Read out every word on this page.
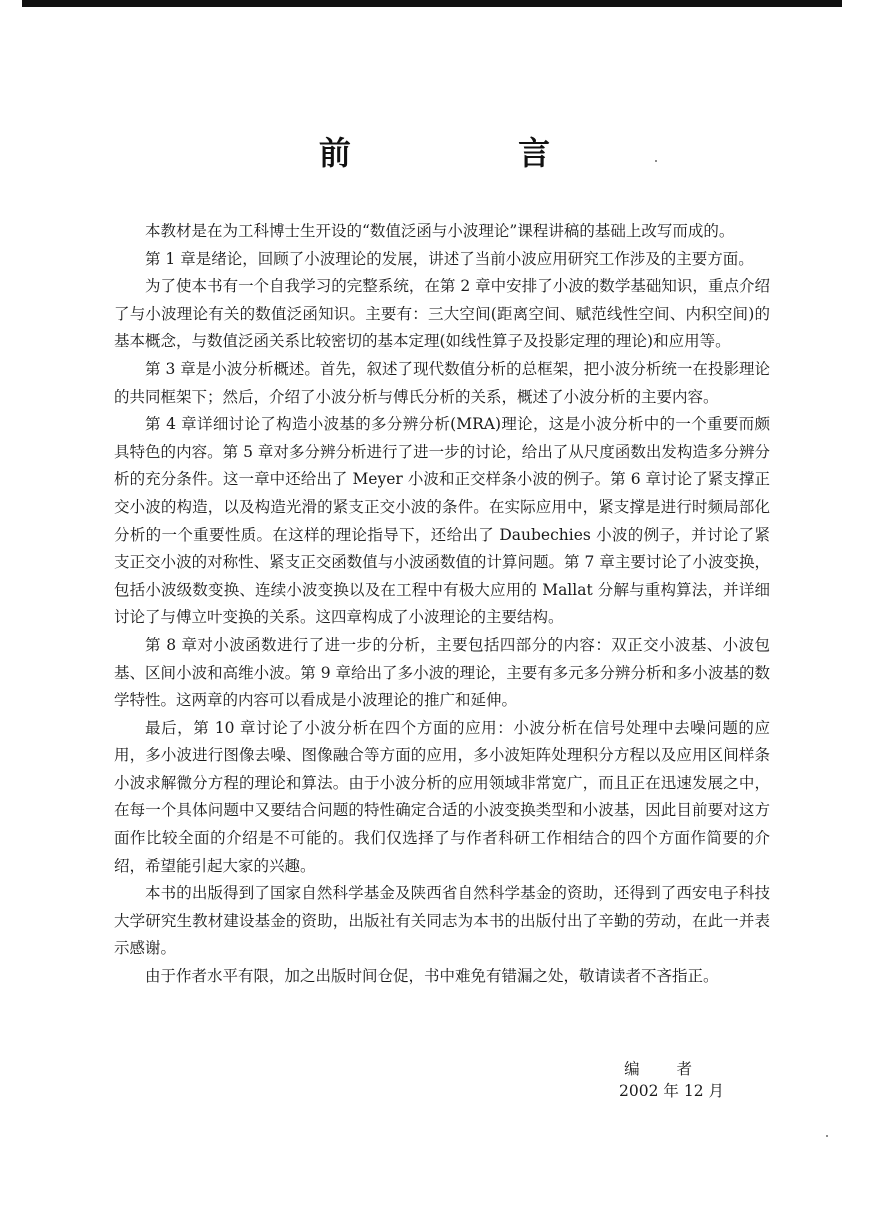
前 言

本教材是在为工科博士生开设的“数值泛函与小波理论”课程讲稿的基础上改写而成的。

第 1 章是绪论，回顾了小波理论的发展，讲述了当前小波应用研究工作涉及的主要方面。

为了使本书有一个自我学习的完整系统，在第 2 章中安排了小波的数学基础知识，重点介绍了与小波理论有关的数值泛函知识。主要有：三大空间(距离空间、赋范线性空间、内积空间)的基本概念，与数值泛函关系比较密切的基本定理(如线性算子及投影定理的理论)和应用等。

第 3 章是小波分析概述。首先，叙述了现代数值分析的总框架，把小波分析统一在投影理论的共同框架下；然后，介绍了小波分析与傅氏分析的关系，概述了小波分析的主要内容。

第 4 章详细讨论了构造小波基的多分辨分析(MRA)理论，这是小波分析中的一个重要而颇具特色的内容。第 5 章对多分辨分析进行了进一步的讨论，给出了从尺度函数出发构造多分辨分析的充分条件。这一章中还给出了 Meyer 小波和正交样条小波的例子。第 6 章讨论了紧支撑正交小波的构造，以及构造光滑的紧支正交小波的条件。在实际应用中，紧支撑是进行时频局部化分析的一个重要性质。在这样的理论指导下，还给出了 Daubechies 小波的例子，并讨论了紧支正交小波的对称性、紧支正交函数值与小波函数值的计算问题。第 7 章主要讨论了小波变换，包括小波级数变换、连续小波变换以及在工程中有极大应用的 Mallat 分解与重构算法，并详细讨论了与傅立叶变换的关系。这四章构成了小波理论的主要结构。

第 8 章对小波函数进行了进一步的分析，主要包括四部分的内容：双正交小波基、小波包基、区间小波和高维小波。第 9 章给出了多小波的理论，主要有多元多分辨分析和多小波基的数学特性。这两章的内容可以看成是小波理论的推广和延伸。

最后，第 10 章讨论了小波分析在四个方面的应用：小波分析在信号处理中去噪问题的应用，多小波进行图像去噪、图像融合等方面的应用，多小波矩阵处理积分方程以及应用区间样条小波求解微分方程的理论和算法。由于小波分析的应用领域非常宽广，而且正在迅速发展之中，在每一个具体问题中又要结合问题的特性确定合适的小波变换类型和小波基，因此目前要对这方面作比较全面的介绍是不可能的。我们仅选择了与作者科研工作相结合的四个方面作简要的介绍，希望能引起大家的兴趣。

本书的出版得到了国家自然科学基金及陕西省自然科学基金的资助，还得到了西安电子科技大学研究生教材建设基金的资助，出版社有关同志为本书的出版付出了辛勤的劳动，在此一并表示感谢。

由于作者水平有限，加之出版时间仓促，书中难免有错漏之处，敬请读者不吝指正。

编 者
2002 年 12 月
